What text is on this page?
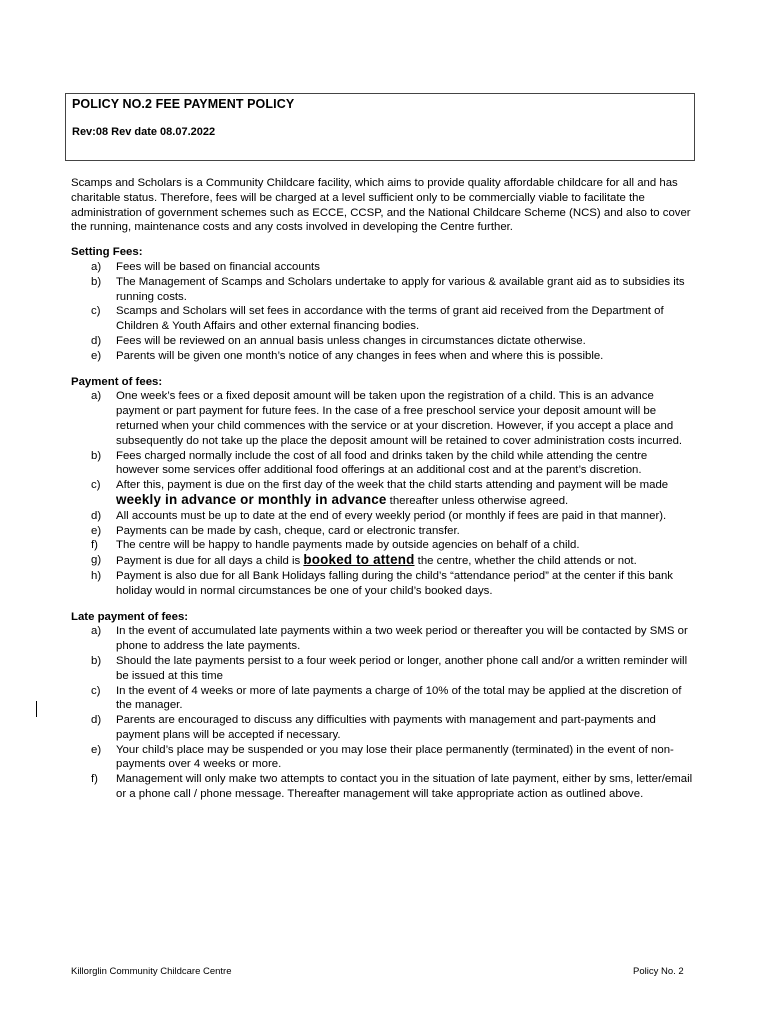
POLICY NO.2 FEE PAYMENT POLICY
Rev:08 Rev date 08.07.2022

Scamps and Scholars is a Community Childcare facility, which aims to provide quality affordable childcare for all and has charitable status. Therefore, fees will be charged at a level sufficient only to be commercially viable to facilitate the administration of government schemes such as ECCE, CCSP, and the National Childcare Scheme (NCS) and also to cover the running, maintenance costs and any costs involved in developing the Centre further.

Setting Fees:
a) Fees will be based on financial accounts
b) The Management of Scamps and Scholars undertake to apply for various & available grant aid as to subsidies its running costs.
c) Scamps and Scholars will set fees in accordance with the terms of grant aid received from the Department of Children & Youth Affairs and other external financing bodies.
d) Fees will be reviewed on an annual basis unless changes in circumstances dictate otherwise.
e) Parents will be given one month’s notice of any changes in fees when and where this is possible.
Payment of fees:
a) One week’s fees or a fixed deposit amount will be taken upon the registration of a child. This is an advance payment or part payment for future fees. In the case of a free preschool service your deposit amount will be returned when your child commences with the service or at your discretion. However, if you accept a place and subsequently do not take up the place the deposit amount will be retained to cover administration costs incurred.
b) Fees charged normally include the cost of all food and drinks taken by the child while attending the centre however some services offer additional food offerings at an additional cost and at the parent’s discretion.
c) After this, payment is due on the first day of the week that the child starts attending and payment will be made weekly in advance or monthly in advance thereafter unless otherwise agreed.
d) All accounts must be up to date at the end of every weekly period (or monthly if fees are paid in that manner).
e) Payments can be made by cash, cheque, card or electronic transfer.
f) The centre will be happy to handle payments made by outside agencies on behalf of a child.
g) Payment is due for all days a child is booked to attend the centre, whether the child attends or not.
h) Payment is also due for all Bank Holidays falling during the child’s “attendance period” at the center if this bank holiday would in normal circumstances be one of your child’s booked days.
Late payment of fees:
a) In the event of accumulated late payments within a two week period or thereafter you will be contacted by SMS or phone to address the late payments.
b) Should the late payments persist to a four week period or longer, another phone call and/or a written reminder will be issued at this time
c) In the event of 4 weeks or more of late payments a charge of 10% of the total may be applied at the discretion of the manager.
d) Parents are encouraged to discuss any difficulties with payments with management and part-payments and payment plans will be accepted if necessary.
e) Your child’s place may be suspended or you may lose their place permanently (terminated) in the event of non-payments over 4 weeks or more.
f) Management will only make two attempts to contact you in the situation of late payment, either by sms, letter/email or a phone call / phone message. Thereafter management will take appropriate action as outlined above.
Killorglin Community Childcare Centre	Policy No. 2
